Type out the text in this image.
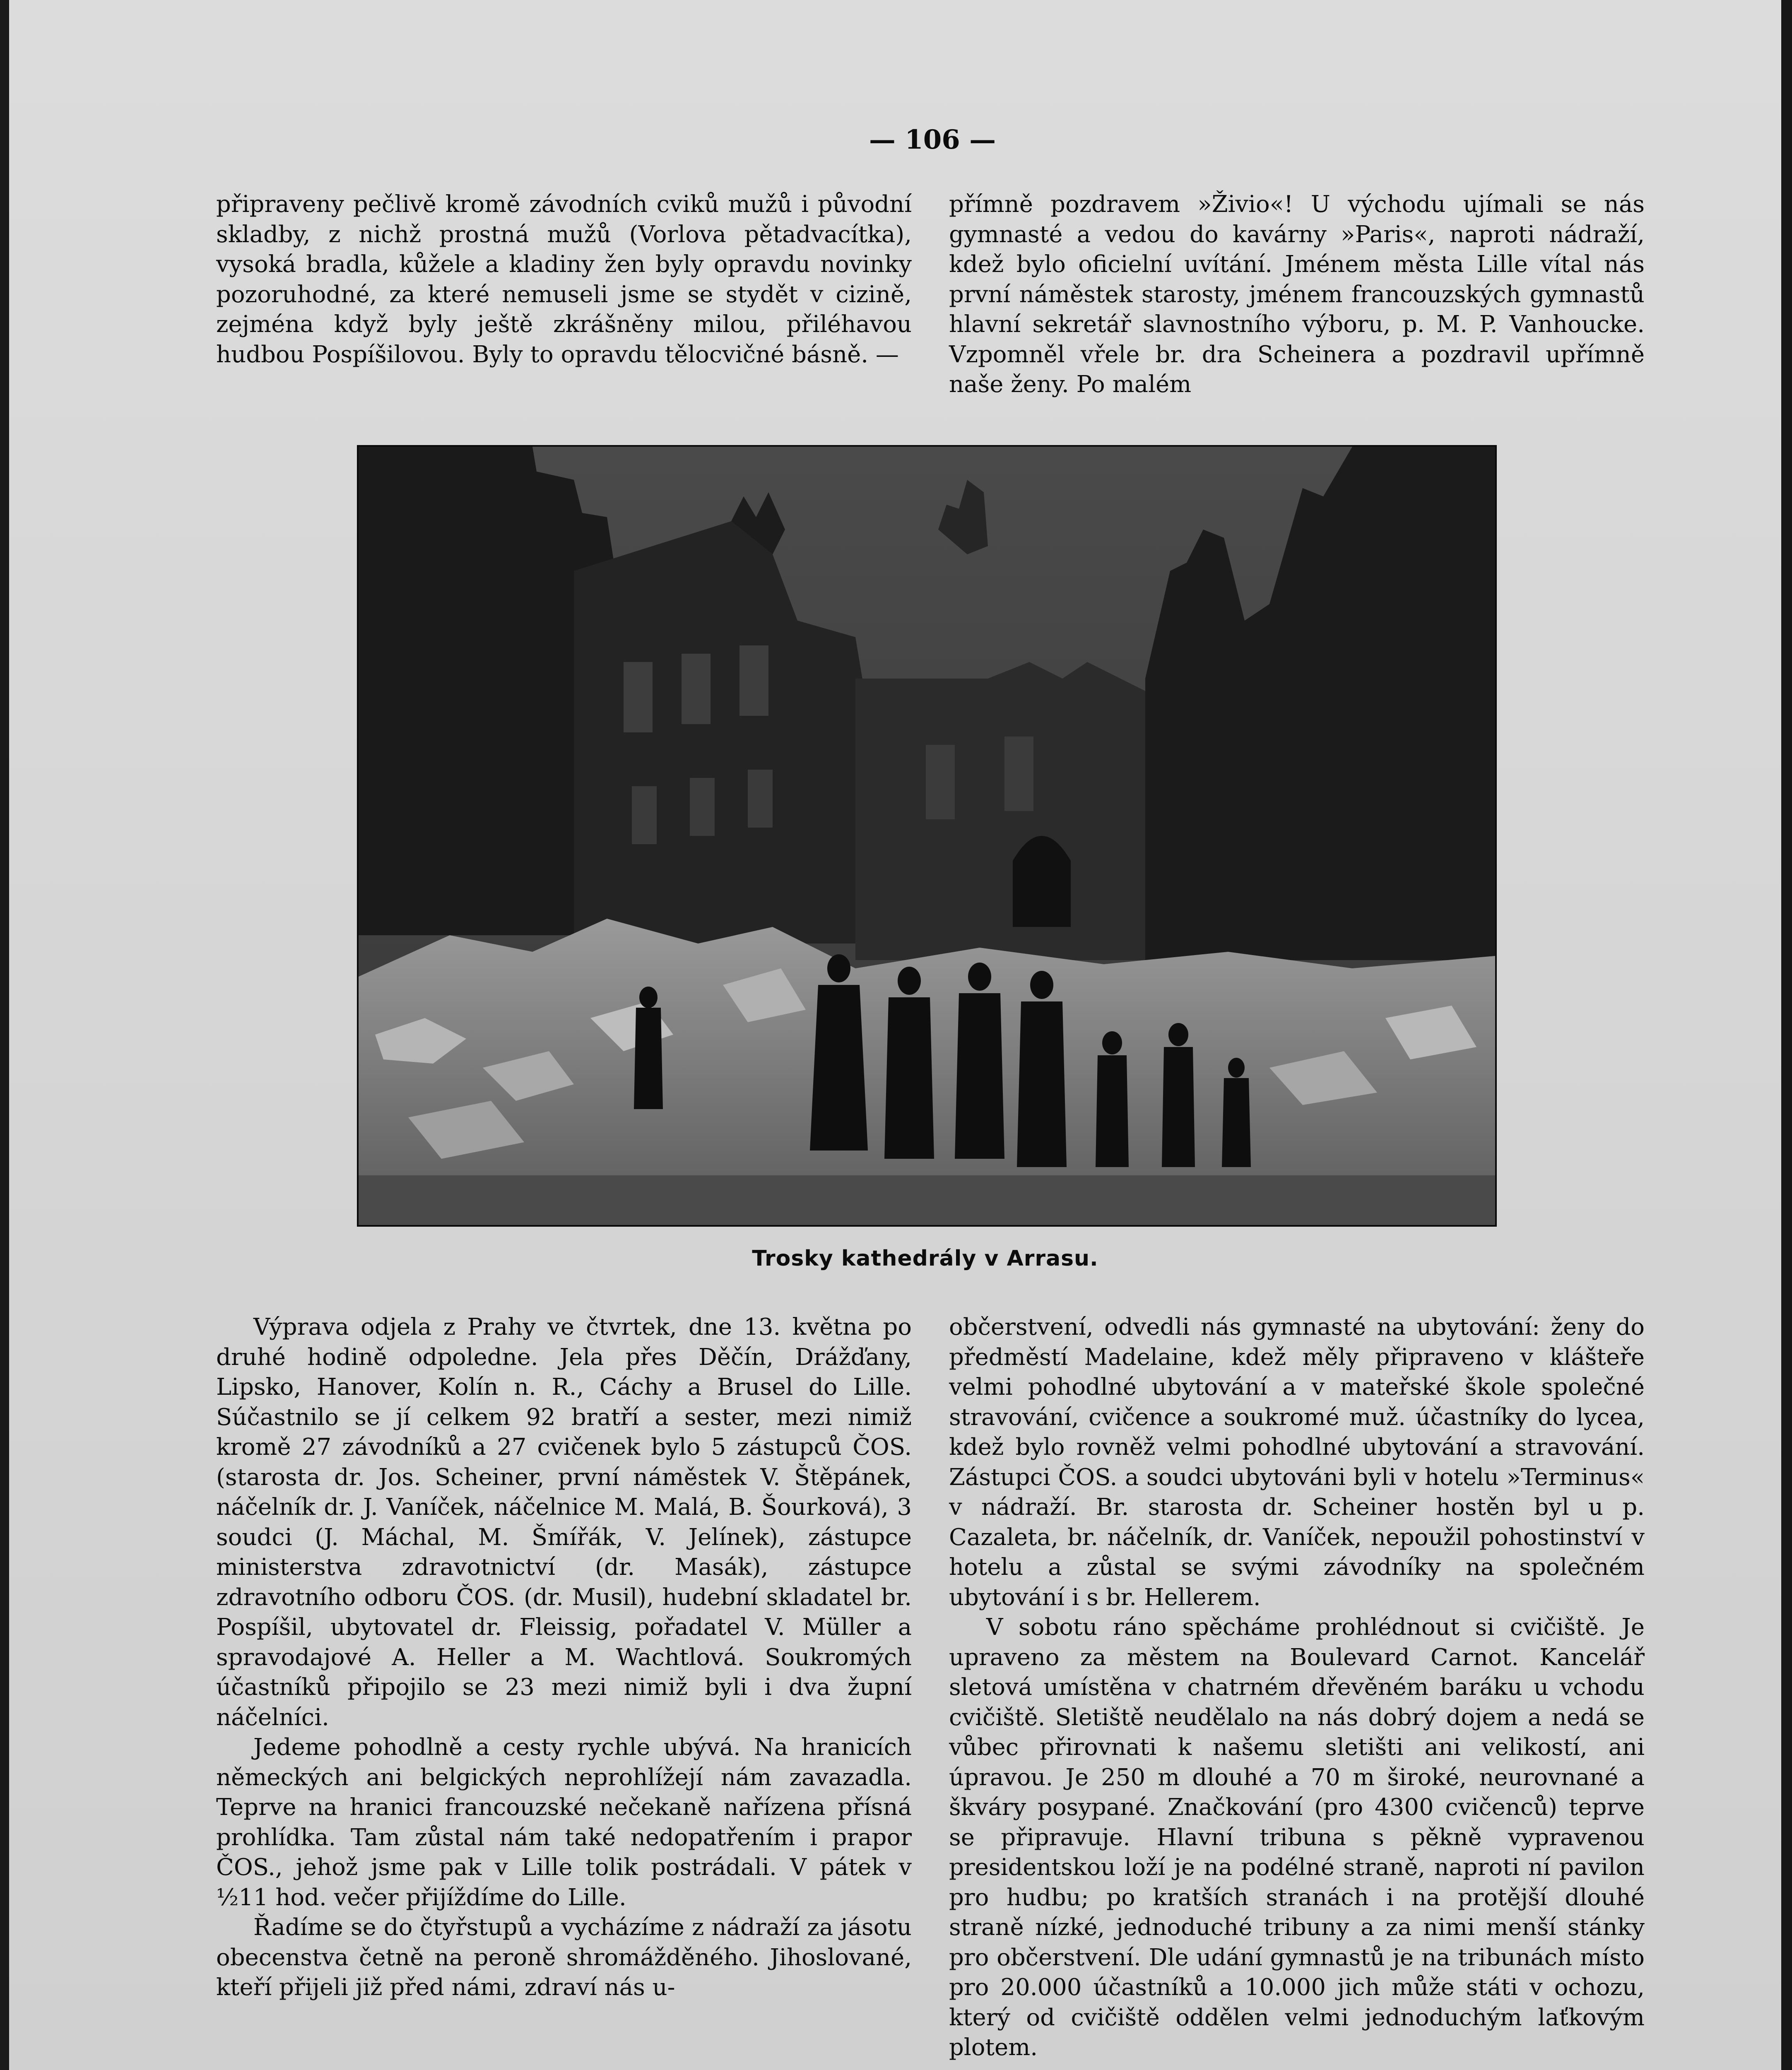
— 106 —

připraveny pečlivě kromě závodních cviků mužů i původní skladby, z nichž prostná mužů (Vorlova pětadvacítka), vysoká bradla, kůžele a kladiny žen byly opravdu novinky pozoruhodné, za které nemuseli jsme se stydět v cizině, zejména když byly ještě zkrášněny milou, přiléhavou hudbou Pospíšilovou. Byly to opravdu tělocvičné básně. —

přímně pozdravem »Živio«! U východu ujímali se nás gymnasté a vedou do kavárny »Paris«, naproti nádraží, kdež bylo oficielní uvítání. Jménem města Lille vítal nás první náměstek starosty, jménem francouzských gymnastů hlavní sekretář slavnostního výboru, p. M. P. Vanhoucke. Vzpomněl vřele br. dra Scheinera a pozdravil upřímně naše ženy. Po malém

Trosky kathedrály v Arrasu.

Výprava odjela z Prahy ve čtvrtek, dne 13. května po druhé hodině odpoledne. Jela přes Děčín, Drážďany, Lipsko, Hanover, Kolín n. R., Cáchy a Brusel do Lille. Súčastnilo se jí celkem 92 bratří a sester, mezi nimiž kromě 27 závodníků a 27 cvičenek bylo 5 zástupců ČOS. (starosta dr. Jos. Scheiner, první náměstek V. Štěpánek, náčelník dr. J. Vaníček, náčelnice M. Malá, B. Šourková), 3 soudci (J. Máchal, M. Šmířák, V. Jelínek), zástupce ministerstva zdravotnictví (dr. Masák), zástupce zdravotního odboru ČOS. (dr. Musil), hudební skladatel br. Pospíšil, ubytovatel dr. Fleissig, pořadatel V. Müller a spravodajové A. Heller a M. Wachtlová. Soukromých účastníků připojilo se 23 mezi nimiž byli i dva župní náčelníci.

Jedeme pohodlně a cesty rychle ubývá. Na hranicích německých ani belgických neprohlížejí nám zavazadla. Teprve na hranici francouzské nečekaně nařízena přísná prohlídka. Tam zůstal nám také nedopatřením i prapor ČOS., jehož jsme pak v Lille tolik postrádali. V pátek v ½11 hod. večer přijíždíme do Lille.

Řadíme se do čtyřstupů a vycházíme z nádraží za jásotu obecenstva četně na peroně shromážděného. Jihoslované, kteří přijeli již před námi, zdraví nás u-

občerstvení, odvedli nás gymnasté na ubytování: ženy do předměstí Madelaine, kdež měly připraveno v klášteře velmi pohodlné ubytování a v mateřské škole společné stravování, cvičence a soukromé muž. účastníky do lycea, kdež bylo rovněž velmi pohodlné ubytování a stravování. Zástupci ČOS. a soudci ubytováni byli v hotelu »Terminus« v nádraží. Br. starosta dr. Scheiner hostěn byl u p. Cazaleta, br. náčelník, dr. Vaníček, nepoužil pohostinství v hotelu a zůstal se svými závodníky na společném ubytování i s br. Hellerem.

V sobotu ráno spěcháme prohlédnout si cvičiště. Je upraveno za městem na Boulevard Carnot. Kancelář sletová umístěna v chatrném dřevěném baráku u vchodu cvičiště. Sletiště neudělalo na nás dobrý dojem a nedá se vůbec přirovnati k našemu sletišti ani velikostí, ani úpravou. Je 250 m dlouhé a 70 m široké, neurovnané a škváry posypané. Značkování (pro 4300 cvičenců) teprve se připravuje. Hlavní tribuna s pěkně vypravenou presidentskou loží je na podélné straně, naproti ní pavilon pro hudbu; po kratších stranách i na protější dlouhé straně nízké, jednoduché tribuny a za nimi menší stánky pro občerstvení. Dle udání gymnastů je na tribunách místo pro 20.000 účastníků a 10.000 jich může státi v ochozu, který od cvičiště oddělen velmi jednoduchým laťkovým plotem.
